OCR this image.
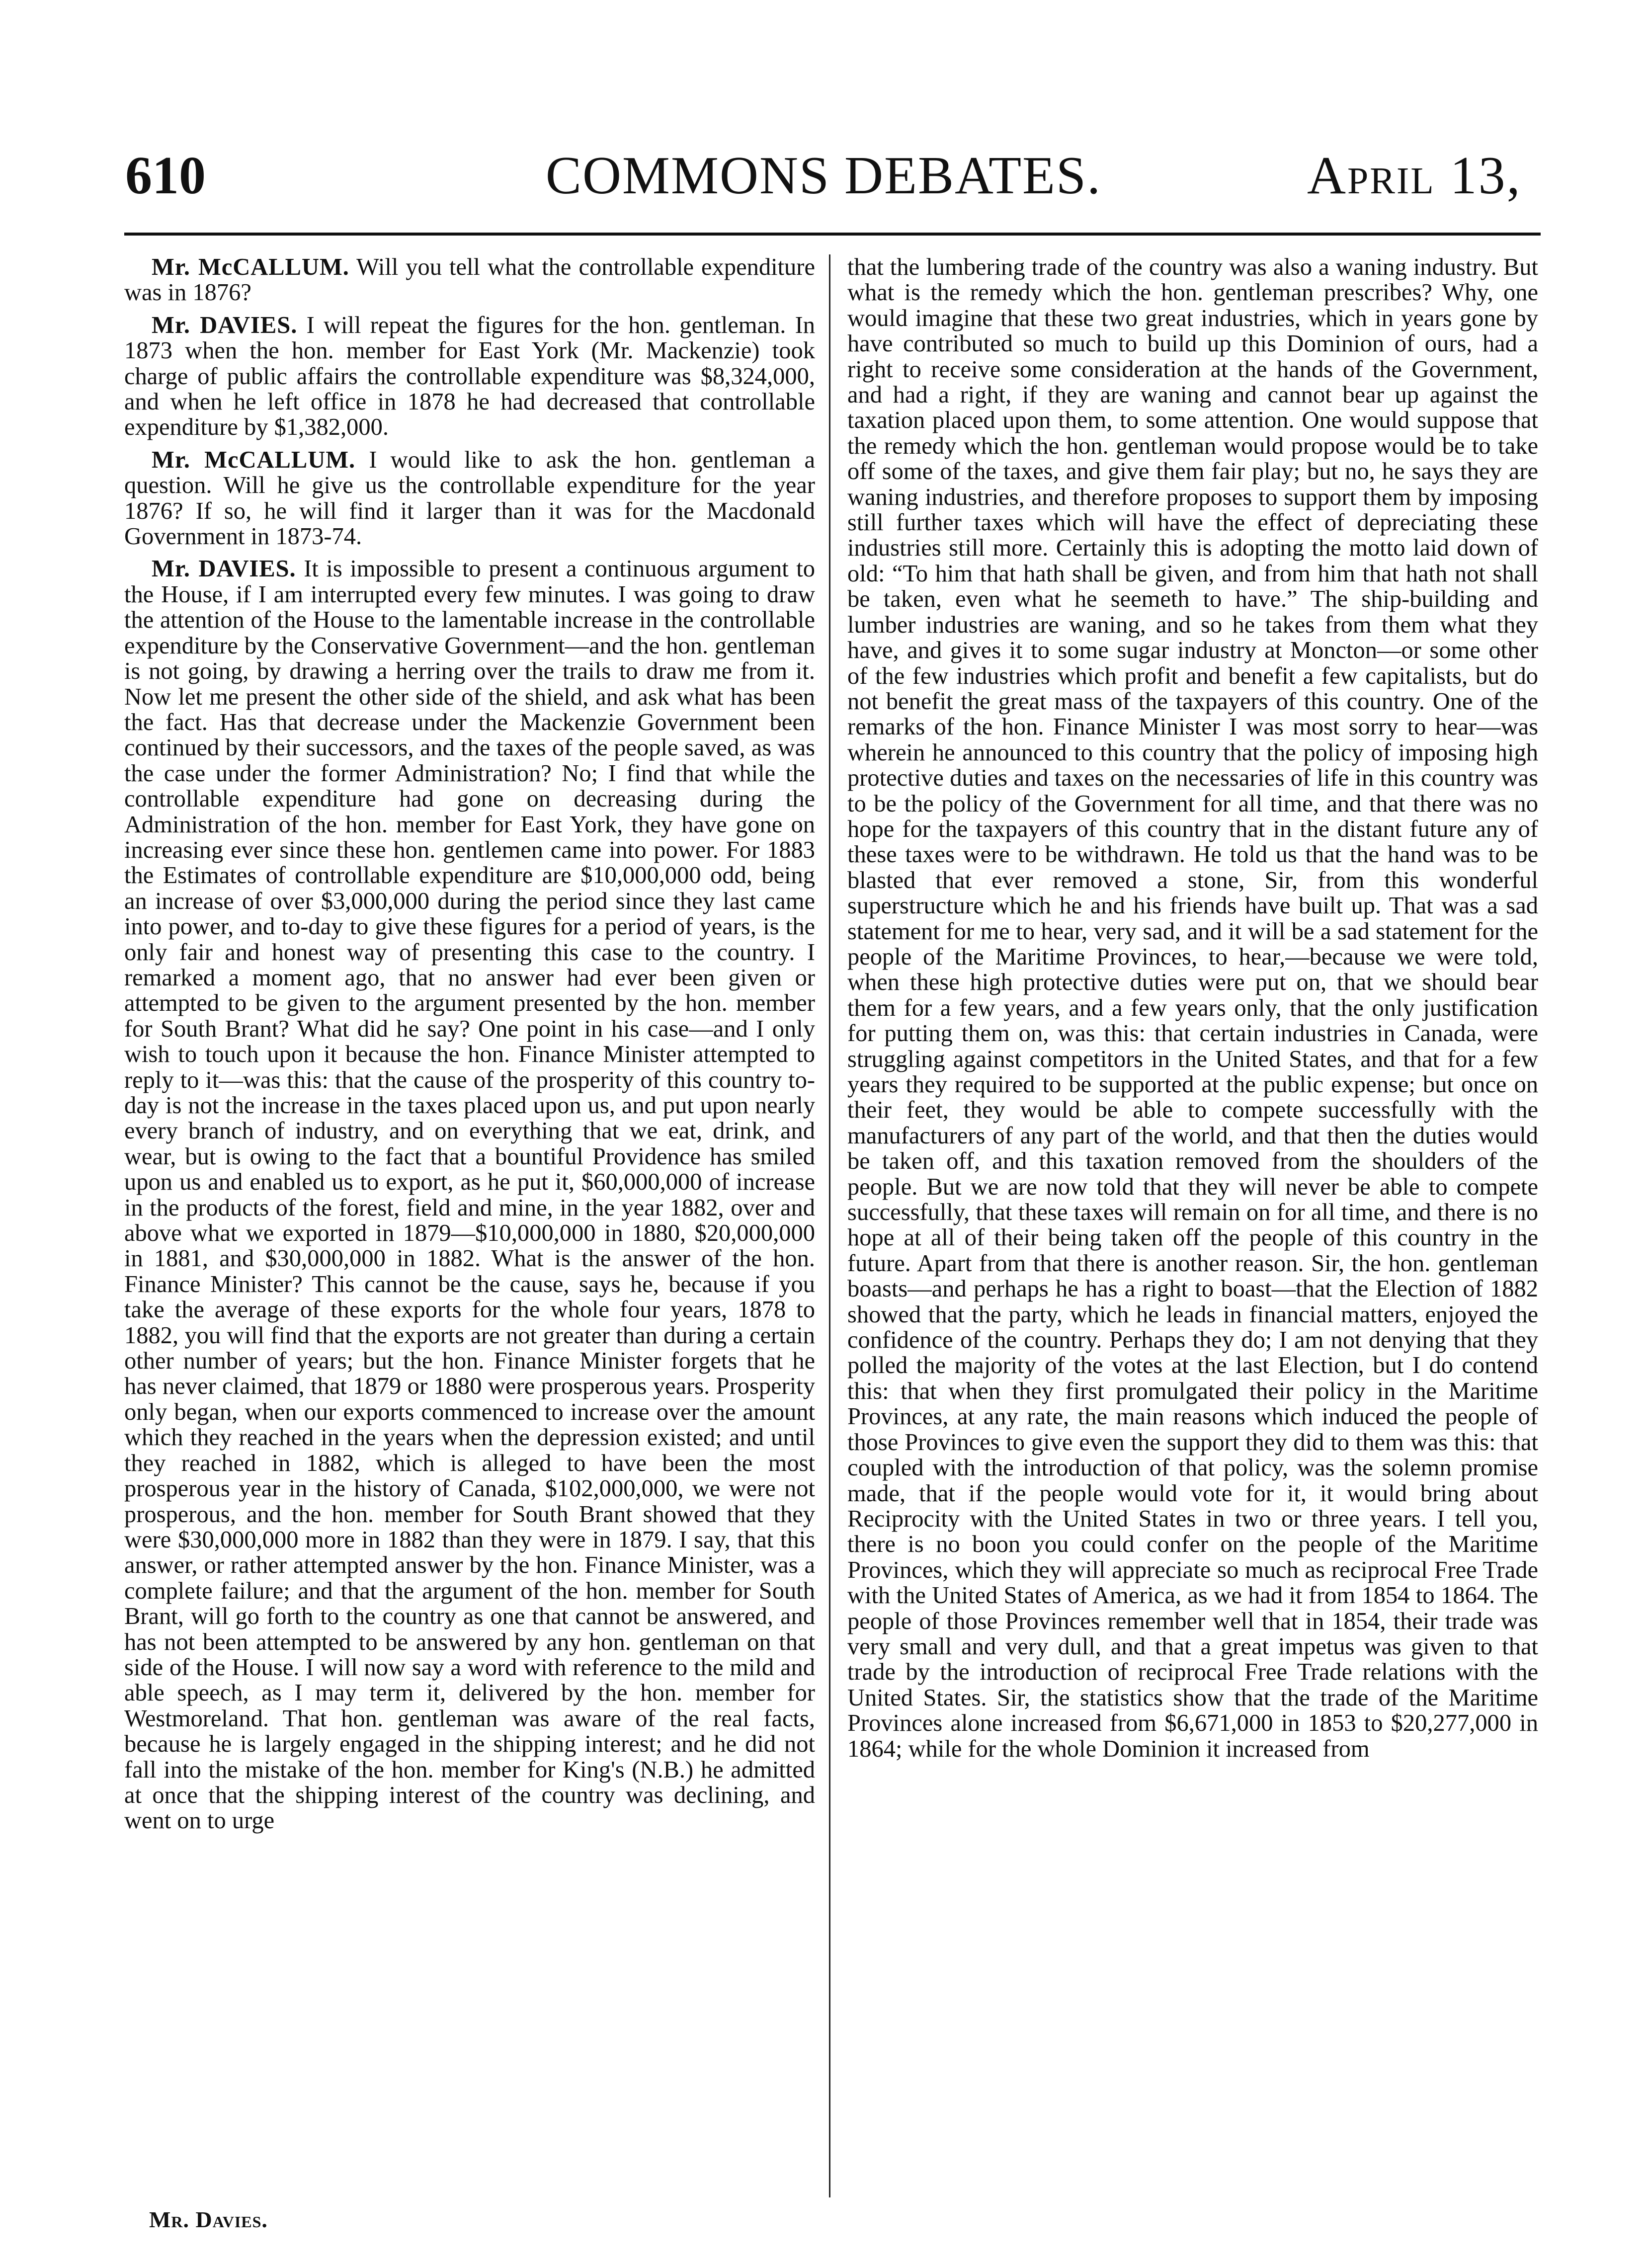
610	COMMONS DEBATES.	April 13,

Mr. McCALLUM. Will you tell what the controllable expenditure was in 1876?

Mr. DAVIES. I will repeat the figures for the hon. gentleman. In 1873 when the hon. member for East York (Mr. Mackenzie) took charge of public affairs the controllable expenditure was $8,324,000, and when he left office in 1878 he had decreased that controllable expenditure by $1,382,000.

Mr. McCALLUM. I would like to ask the hon. gentleman a question. Will he give us the controllable expenditure for the year 1876? If so, he will find it larger than it was for the Macdonald Government in 1873-74.

Mr. DAVIES. It is impossible to present a continuous argument to the House, if I am interrupted every few minutes. I was going to draw the attention of the House to the lamentable increase in the controllable expenditure by the Conservative Government—and the hon. gentleman is not going, by drawing a herring over the trails to draw me from it. Now let me present the other side of the shield, and ask what has been the fact. Has that decrease under the Mackenzie Government been continued by their successors, and the taxes of the people saved, as was the case under the former Administration? No; I find that while the controllable expenditure had gone on decreasing during the Administration of the hon. member for East York, they have gone on increasing ever since these hon. gentlemen came into power. For 1883 the Estimates of controllable expenditure are $10,000,000 odd, being an increase of over $3,000,000 during the period since they last came into power, and to-day to give these figures for a period of years, is the only fair and honest way of presenting this case to the country. I remarked a moment ago, that no answer had ever been given or attempted to be given to the argument presented by the hon. member for South Brant? What did he say? One point in his case—and I only wish to touch upon it because the hon. Finance Minister attempted to reply to it—was this: that the cause of the prosperity of this country to-day is not the increase in the taxes placed upon us, and put upon nearly every branch of industry, and on everything that we eat, drink, and wear, but is owing to the fact that a bountiful Providence has smiled upon us and enabled us to export, as he put it, $60,000,000 of increase in the products of the forest, field and mine, in the year 1882, over and above what we exported in 1879—$10,000,000 in 1880, $20,000,000 in 1881, and $30,000,000 in 1882. What is the answer of the hon. Finance Minister? This cannot be the cause, says he, because if you take the average of these exports for the whole four years, 1878 to 1882, you will find that the exports are not greater than during a certain other number of years; but the hon. Finance Minister forgets that he has never claimed, that 1879 or 1880 were prosperous years. Prosperity only began, when our exports commenced to increase over the amount which they reached in the years when the depression existed; and until they reached in 1882, which is alleged to have been the most prosperous year in the history of Canada, $102,000,000, we were not prosperous, and the hon. member for South Brant showed that they were $30,000,000 more in 1882 than they were in 1879. I say, that this answer, or rather attempted answer by the hon. Finance Minister, was a complete failure; and that the argument of the hon. member for South Brant, will go forth to the country as one that cannot be answered, and has not been attempted to be answered by any hon. gentleman on that side of the House. I will now say a word with reference to the mild and able speech, as I may term it, delivered by the hon. member for Westmoreland. That hon. gentleman was aware of the real facts, because he is largely engaged in the shipping interest; and he did not fall into the mistake of the hon. member for King's (N.B.) he admitted at once that the shipping interest of the country was declining, and went on to urge

that the lumbering trade of the country was also a waning industry. But what is the remedy which the hon. gentleman prescribes? Why, one would imagine that these two great industries, which in years gone by have contributed so much to build up this Dominion of ours, had a right to receive some consideration at the hands of the Government, and had a right, if they are waning and cannot bear up against the taxation placed upon them, to some attention. One would suppose that the remedy which the hon. gentleman would propose would be to take off some of the taxes, and give them fair play; but no, he says they are waning industries, and therefore proposes to support them by imposing still further taxes which will have the effect of depreciating these industries still more. Certainly this is adopting the motto laid down of old: “To him that hath shall be given, and from him that hath not shall be taken, even what he seemeth to have.” The ship-building and lumber industries are waning, and so he takes from them what they have, and gives it to some sugar industry at Moncton—or some other of the few industries which profit and benefit a few capitalists, but do not benefit the great mass of the taxpayers of this country. One of the remarks of the hon. Finance Minister I was most sorry to hear—was wherein he announced to this country that the policy of imposing high protective duties and taxes on the necessaries of life in this country was to be the policy of the Government for all time, and that there was no hope for the taxpayers of this country that in the distant future any of these taxes were to be withdrawn. He told us that the hand was to be blasted that ever removed a stone, Sir, from this wonderful superstructure which he and his friends have built up. That was a sad statement for me to hear, very sad, and it will be a sad statement for the people of the Maritime Provinces, to hear,—because we were told, when these high protective duties were put on, that we should bear them for a few years, and a few years only, that the only justification for putting them on, was this: that certain industries in Canada, were struggling against competitors in the United States, and that for a few years they required to be supported at the public expense; but once on their feet, they would be able to compete successfully with the manufacturers of any part of the world, and that then the duties would be taken off, and this taxation removed from the shoulders of the people. But we are now told that they will never be able to compete successfully, that these taxes will remain on for all time, and there is no hope at all of their being taken off the people of this country in the future. Apart from that there is another reason. Sir, the hon. gentleman boasts—and perhaps he has a right to boast—that the Election of 1882 showed that the party, which he leads in financial matters, enjoyed the confidence of the country. Perhaps they do; I am not denying that they polled the majority of the votes at the last Election, but I do contend this: that when they first promulgated their policy in the Maritime Provinces, at any rate, the main reasons which induced the people of those Provinces to give even the support they did to them was this: that coupled with the introduction of that policy, was the solemn promise made, that if the people would vote for it, it would bring about Reciprocity with the United States in two or three years. I tell you, there is no boon you could confer on the people of the Maritime Provinces, which they will appreciate so much as reciprocal Free Trade with the United States of America, as we had it from 1854 to 1864. The people of those Provinces remember well that in 1854, their trade was very small and very dull, and that a great impetus was given to that trade by the introduction of reciprocal Free Trade relations with the United States. Sir, the statistics show that the trade of the Maritime Provinces alone increased from $6,671,000 in 1853 to $20,277,000 in 1864; while for the whole Dominion it increased from

Mr. Davies.
